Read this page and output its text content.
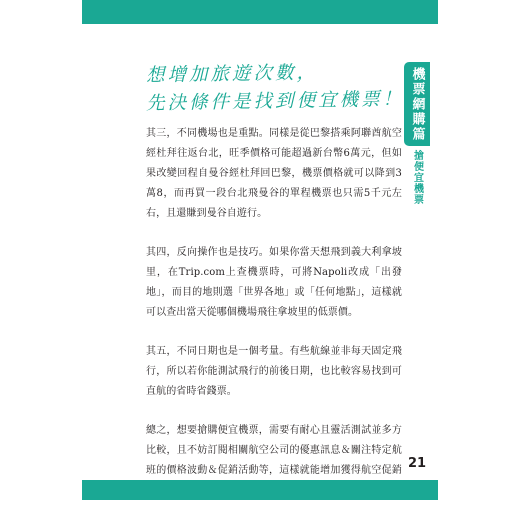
想增加旅遊次數，
先決條件是找到便宜機票！ 機票網購篇
搶便宜機票

其三，不同機場也是重點。同樣是從巴黎搭乘阿聯酋航空經杜拜往返台北，旺季價格可能超過新台幣6萬元，但如果改變回程自曼谷經杜拜回巴黎，機票價格就可以降到3萬8，而再買一段台北飛曼谷的單程機票也只需5千元左右，且還賺到曼谷自遊行。

其四，反向操作也是技巧。如果你當天想飛到義大利拿坡里，在Trip.com上查機票時，可將Napoli改成「出發地」，而目的地則選「世界各地」或「任何地點」，這樣就可以查出當天從哪個機場飛往拿坡里的低票價。

其五，不同日期也是一個考量。有些航線並非每天固定飛行，所以若你能測試飛行的前後日期，也比較容易找到可直航的省時省錢票。

總之，想要搶購便宜機票，需要有耐心且靈活測試並多方比較，且不妨訂閱相關航空公司的優惠訊息＆關注特定航班的價格波動＆促銷活動等，這樣就能增加獲得航空促銷 21
